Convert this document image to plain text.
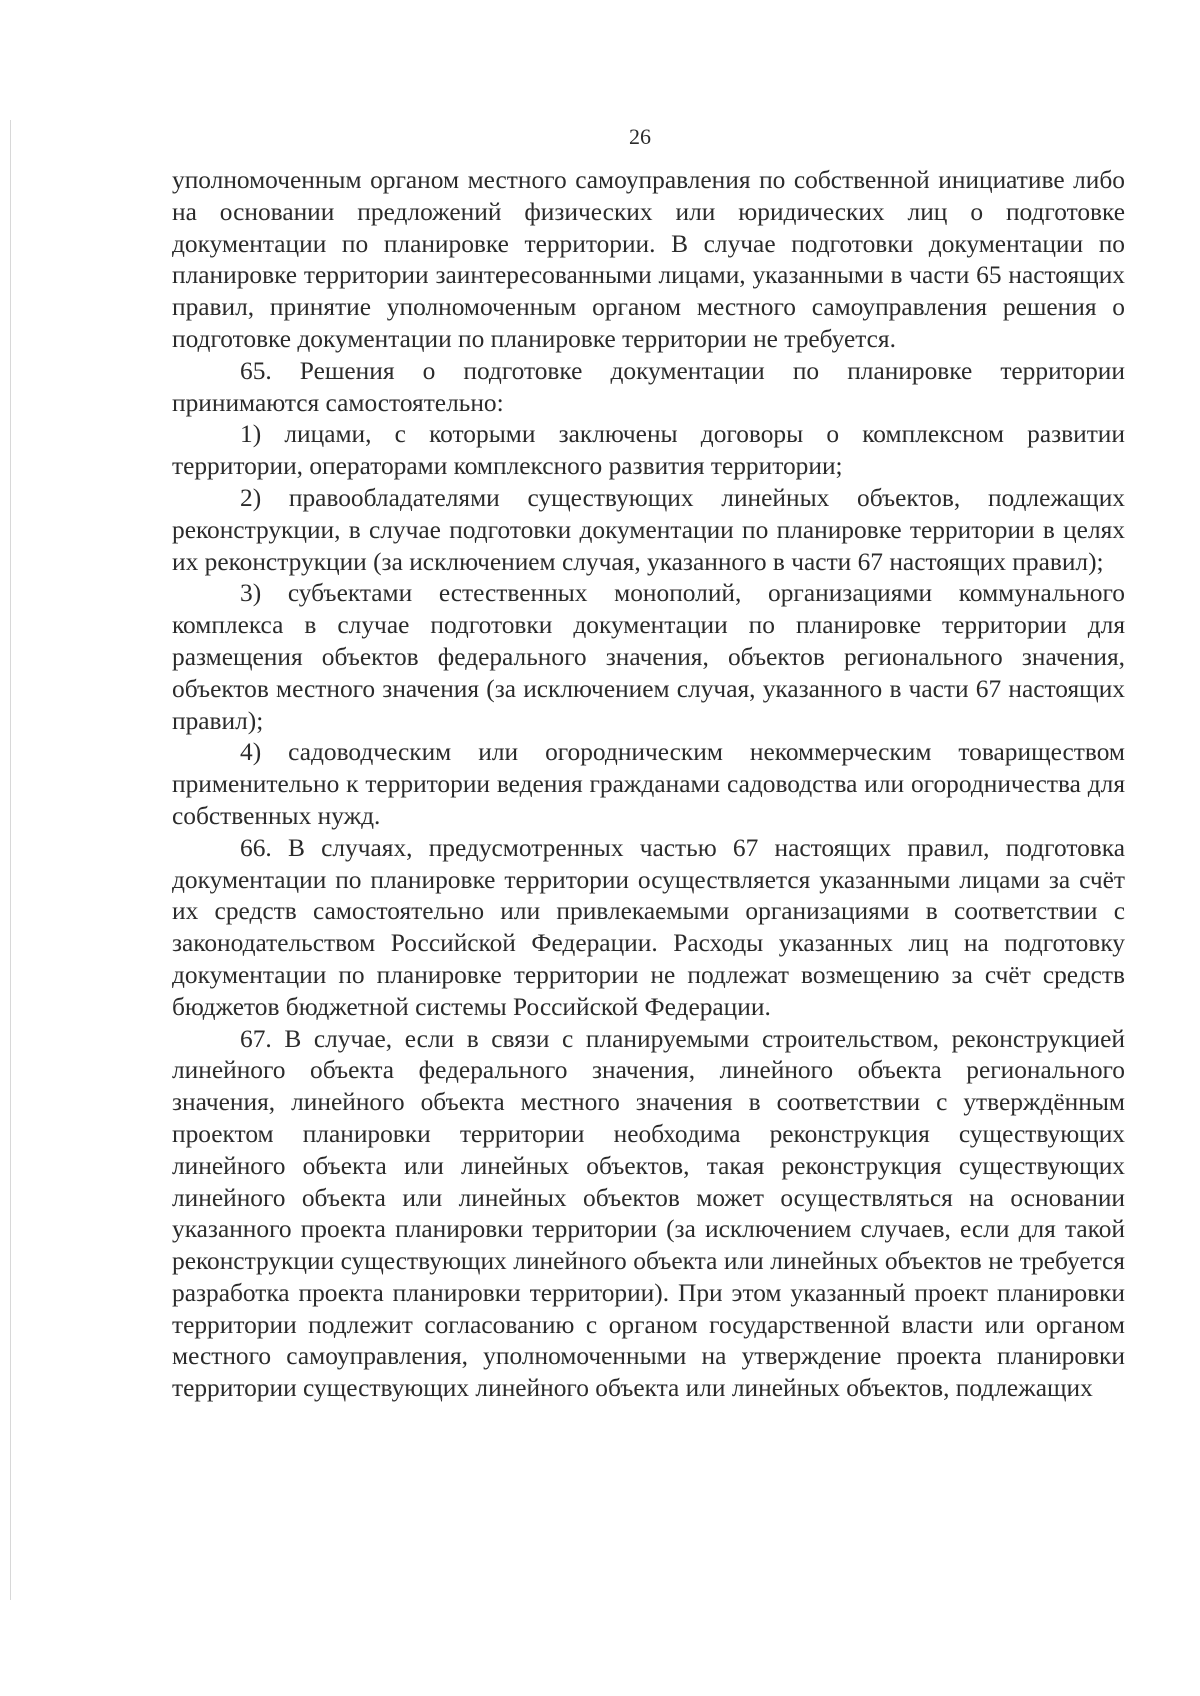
26

уполномоченным органом местного самоуправления по собственной инициативе либо на основании предложений физических или юридических лиц о подготовке документации по планировке территории. В случае подготовки документации по планировке территории заинтересованными лицами, указанными в части 65 настоящих правил, принятие уполномоченным органом местного самоуправления решения о подготовке документации по планировке территории не требуется.

65. Решения о подготовке документации по планировке территории принимаются самостоятельно:

1) лицами, с которыми заключены договоры о комплексном развитии территории, операторами комплексного развития территории;

2) правообладателями существующих линейных объектов, подлежащих реконструкции, в случае подготовки документации по планировке территории в целях их реконструкции (за исключением случая, указанного в части 67 настоящих правил);

3) субъектами естественных монополий, организациями коммунального комплекса в случае подготовки документации по планировке территории для размещения объектов федерального значения, объектов регионального значения, объектов местного значения (за исключением случая, указанного в части 67 настоящих правил);

4) садоводческим или огородническим некоммерческим товариществом применительно к территории ведения гражданами садоводства или огородничества для собственных нужд.

66. В случаях, предусмотренных частью 67 настоящих правил, подготовка документации по планировке территории осуществляется указанными лицами за счёт их средств самостоятельно или привлекаемыми организациями в соответствии с законодательством Российской Федерации. Расходы указанных лиц на подготовку документации по планировке территории не подлежат возмещению за счёт средств бюджетов бюджетной системы Российской Федерации.

67. В случае, если в связи с планируемыми строительством, реконструкцией линейного объекта федерального значения, линейного объекта регионального значения, линейного объекта местного значения в соответствии с утверждённым проектом планировки территории необходима реконструкция существующих линейного объекта или линейных объектов, такая реконструкция существующих линейного объекта или линейных объектов может осуществляться на основании указанного проекта планировки территории (за исключением случаев, если для такой реконструкции существующих линейного объекта или линейных объектов не требуется разработка проекта планировки территории). При этом указанный проект планировки территории подлежит согласованию с органом государственной власти или органом местного самоуправления, уполномоченными на утверждение проекта планировки территории существующих линейного объекта или линейных объектов, подлежащих
